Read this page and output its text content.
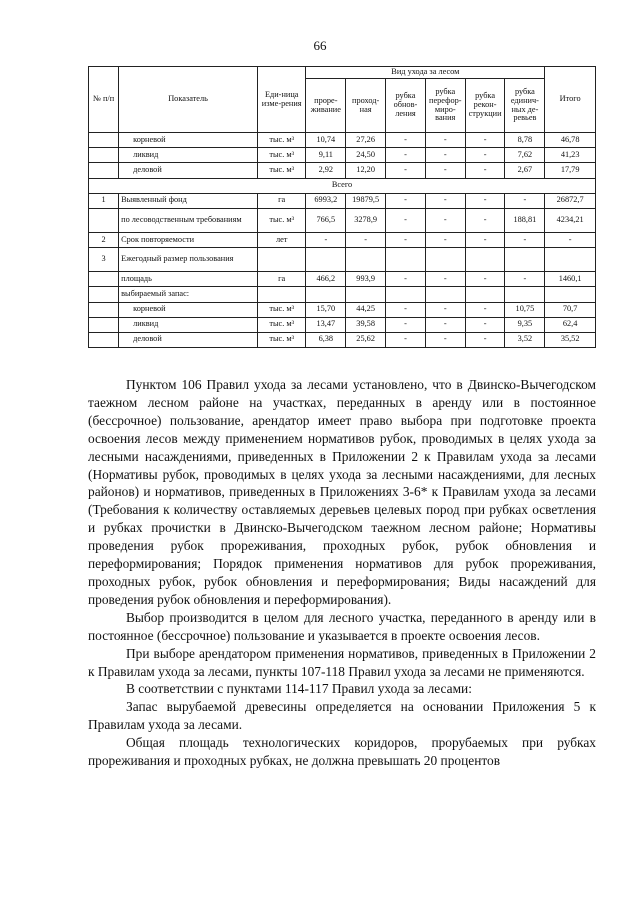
66
№ п/п	Показатель	Еди-ница изме-рения	Вид ухода за лесом						Итого
			проре-живание	проход-ная	рубка обнов-ления	рубка перефор-миро-вания	рубка рекон-струкции	рубка единич-ных де-ревьев	
	корневой	тыс. м³	10,74	27,26	-	-	-	8,78	46,78
	ликвид	тыс. м³	9,11	24,50	-	-	-	7,62	41,23
	деловой	тыс. м³	2,92	12,20	-	-	-	2,67	17,79
Всего									
1	Выявленный фонд	га	6993,2	19879,5	-	-	-	-	26872,7
	по лесоводственным требованиям	тыс. м³	766,5	3278,9	-	-	-	188,81	4234,21
2	Срок повторяемости	лет	-	-	-	-	-	-	-
3	Ежегодный размер пользования								
	площадь	га	466,2	993,9	-	-	-	-	1460,1
	выбираемый запас:								
	корневой	тыс. м³	15,70	44,25	-	-	-	10,75	70,7
	ликвид	тыс. м³	13,47	39,58	-	-	-	9,35	62,4
	деловой	тыс. м³	6,38	25,62	-	-	-	3,52	35,52

Пунктом 106 Правил ухода за лесами установлено, что в Двинско-Вычегодском таежном лесном районе на участках, переданных в аренду или в постоянное (бессрочное) пользование, арендатор имеет право выбора при подготовке проекта освоения лесов между применением нормативов рубок, проводимых в целях ухода за лесными насаждениями, приведенных в Приложении 2 к Правилам ухода за лесами (Нормативы рубок, проводимых в целях ухода за лесными насаждениями, для лесных районов) и нормативов, приведенных в Приложениях 3-6* к Правилам ухода за лесами (Требования к количеству оставляемых деревьев целевых пород при рубках осветления и рубках прочистки в Двинско-Вычегодском таежном лесном районе; Нормативы проведения рубок прореживания, проходных рубок, рубок обновления и переформирования; Порядок применения нормативов для рубок прореживания, проходных рубок, рубок обновления и переформирования; Виды насаждений для проведения рубок обновления и переформирования).

Выбор производится в целом для лесного участка, переданного в аренду или в постоянное (бессрочное) пользование и указывается в проекте освоения лесов.

При выборе арендатором применения нормативов, приведенных в Приложении 2 к Правилам ухода за лесами, пункты 107-118 Правил ухода за лесами не применяются.

В соответствии с пунктами 114-117 Правил ухода за лесами:

Запас вырубаемой древесины определяется на основании Приложения 5 к Правилам ухода за лесами.

Общая площадь технологических коридоров, прорубаемых при рубках прореживания и проходных рубках, не должна превышать 20 процентов
